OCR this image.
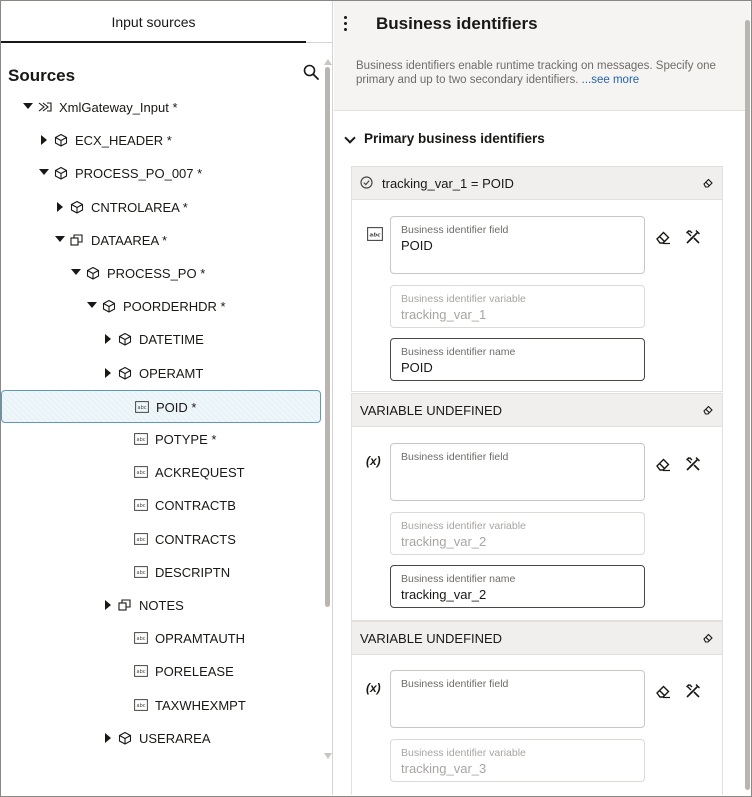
Input sources
Sources
XmlGateway_Input *
ECX_HEADER *
PROCESS_PO_007 *
CNTROLAREA *
DATAAREA *
PROCESS_PO *
POORDERHDR *
DATETIME
OPERAMT
abc POID *
abc POTYPE *
abc ACKREQUEST
abc CONTRACTB
abc CONTRACTS
abc DESCRIPTN
NOTES
abc OPRAMTAUTH
abc PORELEASE
abc TAXWHEXMPT
USERAREA
Business identifiers
Business identifiers enable runtime tracking on messages. Specify one primary and up to two secondary identifiers. ...see more
Primary business identifiers
tracking_var_1 = POID
abc Business identifier field
POID
Business identifier variable
tracking_var_1
Business identifier name
POID
VARIABLE UNDEFINED
(x) Business identifier field
Business identifier variable
tracking_var_2
Business identifier name
tracking_var_2
VARIABLE UNDEFINED
(x) Business identifier field
Business identifier variable
tracking_var_3
